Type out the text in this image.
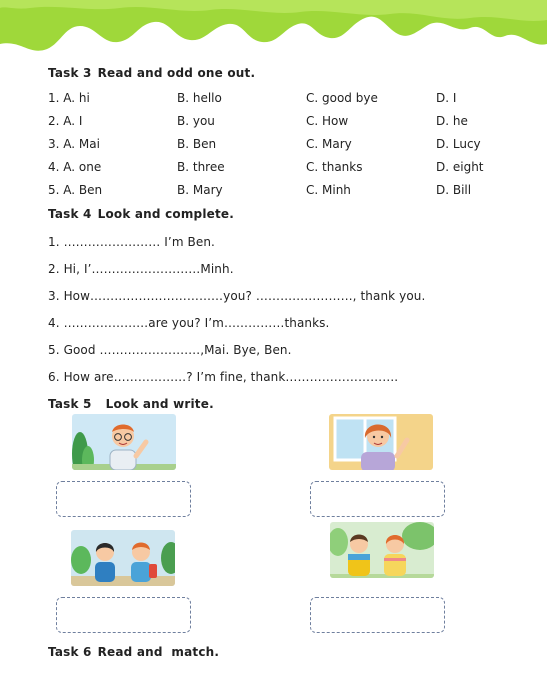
Task 3 Read and odd one out.
1. A. hi	B. hello	C. good bye	D. I
2. A. I	B. you	C. How	D. he
3. A. Mai	B. Ben	C. Mary	D. Lucy
4. A. one	B. three	C. thanks	D. eight
5. A. Ben	B. Mary	C. Minh	D. Bill
Task 4 Look and complete.
1. …………………… I’m Ben.
2. Hi, I’………………………Minh.
3. How……………………………you? ……………………, thank you.
4. …………………are you? I’m……………thanks.
5. Good …………………….,Mai. Bye, Ben.
6. How are………………? I’m fine, thank……………………….
Task 5 Look and write.
Task 6 Read and  match.
